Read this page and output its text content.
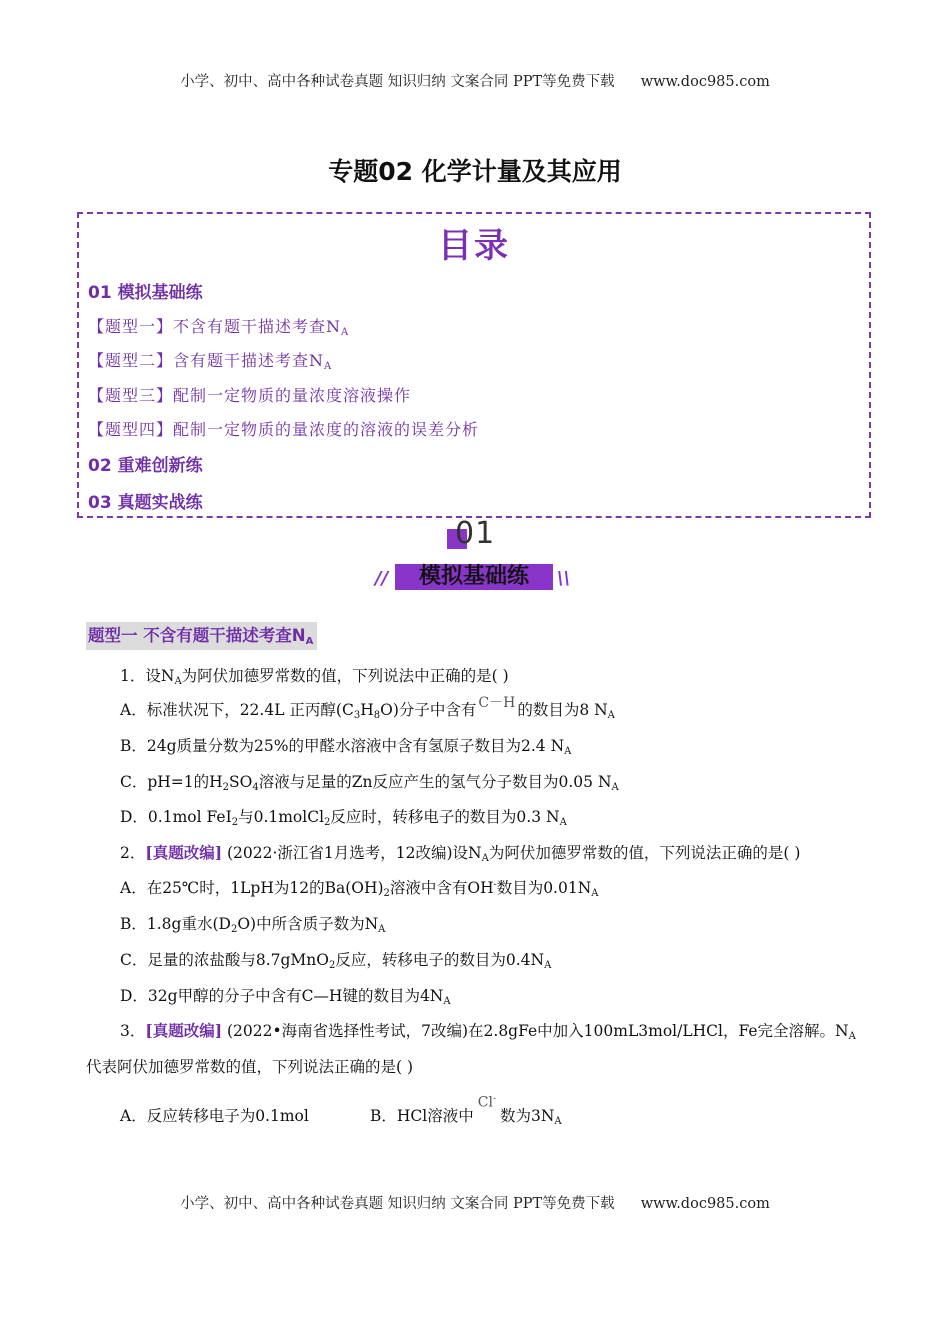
小学、初中、高中各种试卷真题 知识归纳 文案合同 PPT等免费下载 www.doc985.com
专题02 化学计量及其应用
目录
01 模拟基础练
【题型一】不含有题干描述考查$N_A$
【题型二】含有题干描述考查$N_A$
【题型三】配制一定物质的量浓度溶液操作
【题型四】配制一定物质的量浓度的溶液的误差分析
02 重难创新练
03 真题实战练
01
模拟基础练
//	\\
题型一 不含有题干描述考查$N_A$
1．设$N_A$为阿伏加德罗常数的值，下列说法中正确的是( )
A．标准状况下，22.4L 正丙醇$(C_3H_8O)$分子中含有 C－H 的数目为8 $N_A$
B．24g质量分数为25%的甲醛水溶液中含有氢原子数目为2.4 $N_A$
C．pH=1的$H_2SO_4$溶液与足量的Zn反应产生的氢气分子数目为0.05 $N_A$
D．0.1mol FeI$_2$与0.1molCl$_2$反应时，转移电子的数目为0.3 $N_A$
2．[真题改编] (2022·浙江省1月选考，12改编)设$N_A$为阿伏加德罗常数的值，下列说法正确的是( )
A．在25℃时，1LpH为12的$Ba(OH)_2$溶液中含有OH-数目为$0.01N_A$
B．1.8g重水$(D_2O)$中所含质子数为$N_A$
C．足量的浓盐酸与8.7gMnO$_2$反应，转移电子的数目为$0.4N_A$
D．32g甲醇的分子中含有C—H键的数目为$4N_A$
3．[真题改编] (2022•海南省选择性考试，7改编)在2.8gFe中加入100mL3mol/LHCl，Fe完全溶解。$N_A$
代表阿伏加德罗常数的值，下列说法正确的是( )
A．反应转移电子为0.1mol	B．HCl溶液中Cl-数为$3N_A$
小学、初中、高中各种试卷真题 知识归纳 文案合同 PPT等免费下载 www.doc985.com
